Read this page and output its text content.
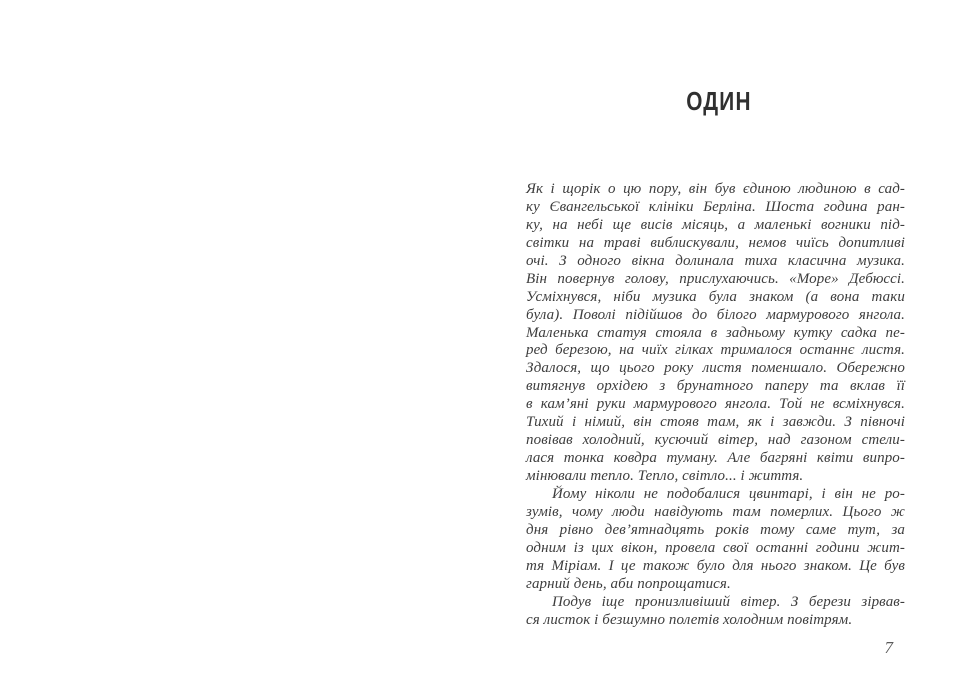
ОДИН
Як і щорік о цю пору, він був єдиною людиною в сад-
ку Євангельської клініки Берліна. Шоста година ран-
ку, на небі ще висів місяць, а маленькі вогники під-
світки на траві виблискували, немов чиїсь допитливі
очі. З одного вікна долинала тиха класична музика.
Він повернув голову, прислухаючись. «Море» Дебюссі.
Усміхнувся, ніби музика була знаком (а вона таки
була). Поволі підійшов до білого мармурового янгола.
Маленька статуя стояла в задньому кутку садка пе-
ред березою, на чиїх гілках трималося останнє листя.
Здалося, що цього року листя поменшало. Обережно
витягнув орхідею з брунатного паперу та вклав її
в кам’яні руки мармурового янгола. Той не всміхнувся.
Тихий і німий, він стояв там, як і завжди. З півночі
повівав холодний, кусючий вітер, над газоном стели-
лася тонка ковдра туману. Але багряні квіти випро-
мінювали тепло. Тепло, світло... і життя.
Йому ніколи не подобалися цвинтарі, і він не ро-
зумів, чому люди навідують там померлих. Цього ж
дня рівно дев’ятнадцять років тому саме тут, за
одним із цих вікон, провела свої останні години жит-
тя Міріам. І це також було для нього знаком. Це був
гарний день, аби попрощатися.
Подув іще пронизливіший вітер. З берези зірвав-
ся листок і безшумно полетів холодним повітрям.
7
